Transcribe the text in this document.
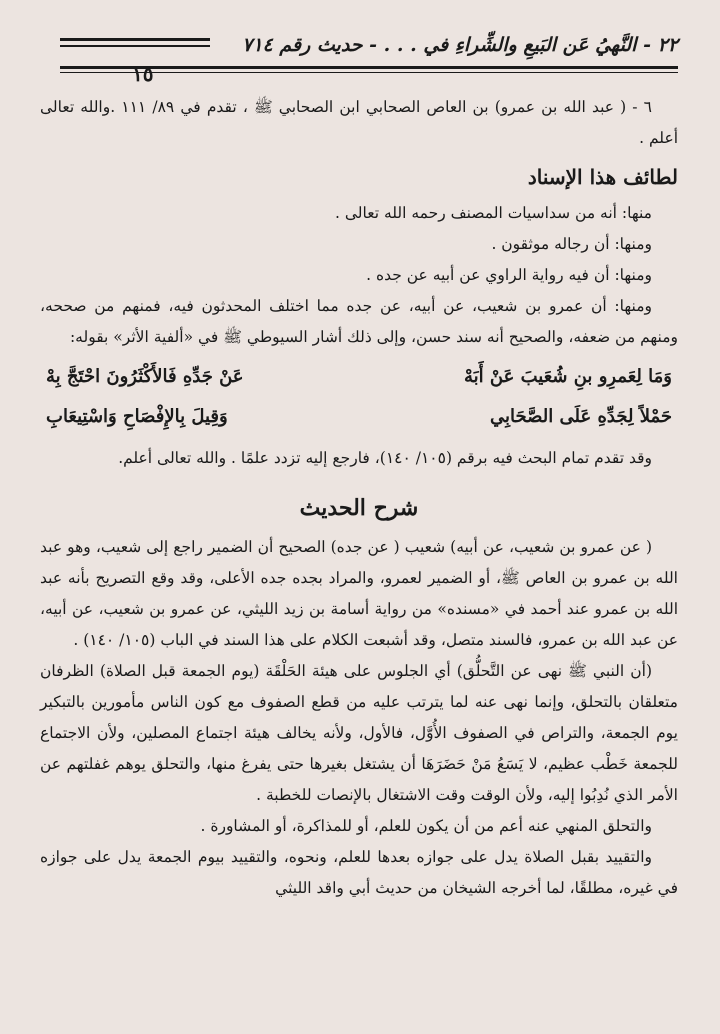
٢٢ - النَّهيُ عَن البَيعِ والشِّراءِ في . . . - حديث رقم ٧١٤
١٥

٦ - ( عبد الله بن عمرو) بن العاص الصحابي ابن الصحابي ﷺ ، تقدم في ٨٩/ ١١١ .والله تعالى أعلم .

لطائف هذا الإسناد

منها: أنه من سداسيات المصنف رحمه الله تعالى .

ومنها: أن رجاله موثقون .

ومنها: أن فيه رواية الراوي عن أبيه عن جده .

ومنها: أن عمرو بن شعيب، عن أبيه، عن جده مما اختلف المحدثون فيه، فمنهم من صححه، ومنهم من ضعفه، والصحيح أنه سند حسن، وإلى ذلك أشار السيوطي ﷺ في «ألفية الأثر» بقوله:

وَمَا لِعَمرِو بنِ شُعَيبَ عَنْ أَبَهْ
عَنْ جَدِّهِ فَالأَكْثَرُونَ احْتَجَّ بِهْ
حَمْلاً لِجَدِّهِ عَلَى الصَّحَابِي
وَقِيلَ بِالإِفْصَاحِ وَاسْتِيعَابِ

وقد تقدم تمام البحث فيه برقم (١٠٥/ ١٤٠)، فارجع إليه تزدد علمًا . والله تعالى أعلم.

شرح الحديث

( عن عمرو بن شعيب، عن أبيه) شعيب ( عن جده) الصحيح أن الضمير راجع إلى شعيب، وهو عبد الله بن عمرو بن العاص ﷺ، أو الضمير لعمرو، والمراد بجده جده الأعلى، وقد وقع التصريح بأنه عبد الله بن عمرو عند أحمد في «مسنده» من رواية أسامة بن زيد الليثي، عن عمرو بن شعيب، عن أبيه، عن عبد الله بن عمرو، فالسند متصل، وقد أشبعت الكلام على هذا السند في الباب (١٠٥/ ١٤٠) .

(أن النبي ﷺ نهى عن التَّحلُّق) أي الجلوس على هيئة الحَلْقَة (يوم الجمعة قبل الصلاة) الظرفان متعلقان بالتحلق، وإنما نهى عنه لما يترتب عليه من قطع الصفوف مع كون الناس مأمورين بالتبكير يوم الجمعة، والتراص في الصفوف الأُوَّل، فالأول، ولأنه يخالف هيئة اجتماع المصلين، ولأن الاجتماع للجمعة خَطْب عظيم، لا يَسَعُ مَنْ حَضَرَهَا أن يشتغل بغيرها حتى يفرغ منها، والتحلق يوهم غفلتهم عن الأمر الذي نُدِبُوا إليه، ولأن الوقت وقت الاشتغال بالإنصات للخطبة .

والتحلق المنهي عنه أعم من أن يكون للعلم، أو للمذاكرة، أو المشاورة .

والتقييد بقبل الصلاة يدل على جوازه بعدها للعلم، ونحوه، والتقييد بيوم الجمعة يدل على جوازه في غيره، مطلقًا، لما أخرجه الشيخان من حديث أبي واقد الليثي
